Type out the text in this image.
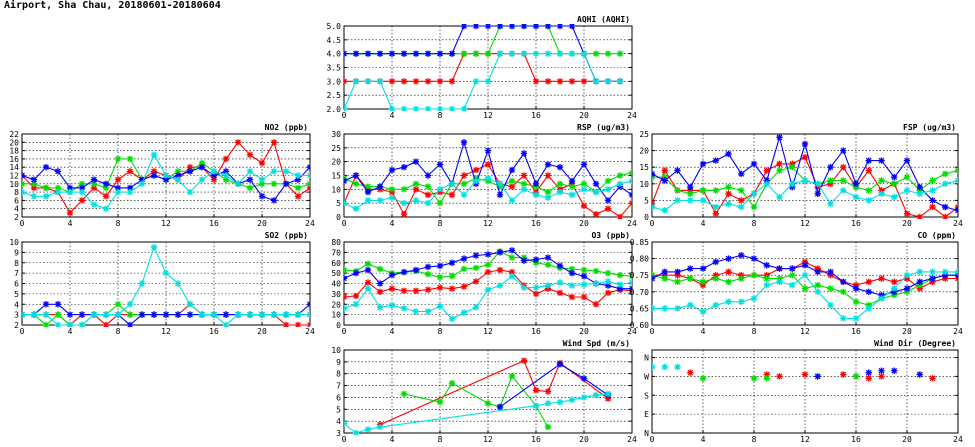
Airport, Sha Chau, 20180601-20180604
2.0
2.5
3.0
3.5
4.0
4.5
5.0
0	4	8	12	16	20	24
AQHI (AQHI)
2
4
6
8
10
12
14
16
18
20
22
0	4	8	12	16	20	24
NO2 (ppb)
0
5
10
15
20
25
30
0	4	8	12	16	20	24
RSP (ug/m3)
0
5
10
15
20
25
0	4	8	12	16	20	24
FSP (ug/m3)
2
3
4
5
6
7
8
9
10
0	4	8	12	16	20	24
SO2 (ppb)
0
10
20
30
40
50
60
70
80
0	4	8	12	16	20	24
O3 (ppb)
0.60
0.65
0.70
0.75
0.80
0.85
0	4	8	12	16	20	24
CO (ppm)
3
4
5
6
7
8
9
10
0	4	8	12	16	20	24
Wind Spd (m/s)
N
E
S
W
N
0	4	8	12	16	20	24
Wind Dir (Degree)
